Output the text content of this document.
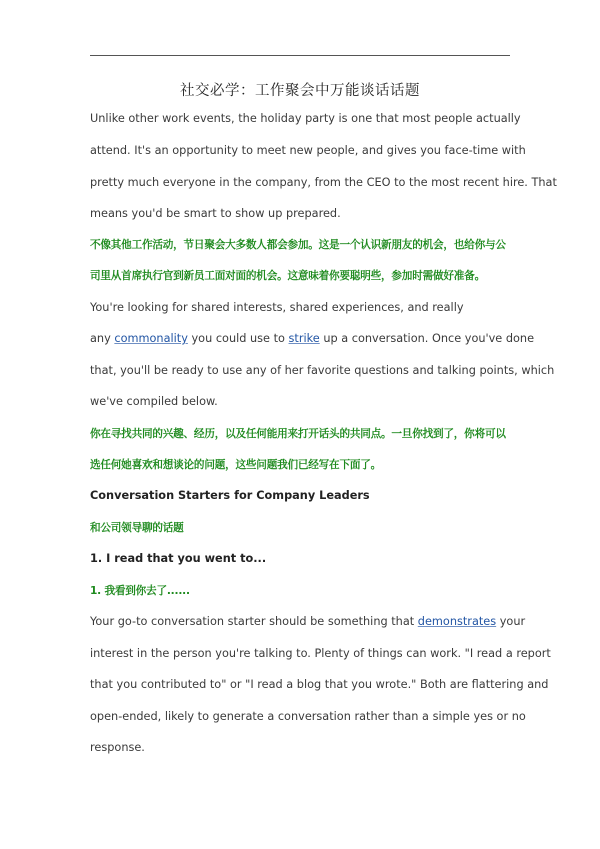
社交必学：工作聚会中万能谈话话题
Unlike other work events, the holiday party is one that most people actually
attend. It's an opportunity to meet new people, and gives you face-time with
pretty much everyone in the company, from the CEO to the most recent hire. That
means you'd be smart to show up prepared.
不像其他工作活动，节日聚会大多数人都会参加。这是一个认识新朋友的机会，也给你与公
司里从首席执行官到新员工面对面的机会。这意味着你要聪明些，参加时需做好准备。
You're looking for shared interests, shared experiences, and really
any commonality you could use to strike up a conversation. Once you've done
that, you'll be ready to use any of her favorite questions and talking points, which
we've compiled below.
你在寻找共同的兴趣、经历，以及任何能用来打开话头的共同点。一旦你找到了，你将可以
选任何她喜欢和想谈论的问题，这些问题我们已经写在下面了。
Conversation Starters for Company Leaders
和公司领导聊的话题
1. I read that you went to...
1. 我看到你去了......
Your go-to conversation starter should be something that demonstrates your
interest in the person you're talking to. Plenty of things can work. "I read a report
that you contributed to" or "I read a blog that you wrote." Both are flattering and
open-ended, likely to generate a conversation rather than a simple yes or no
response.
